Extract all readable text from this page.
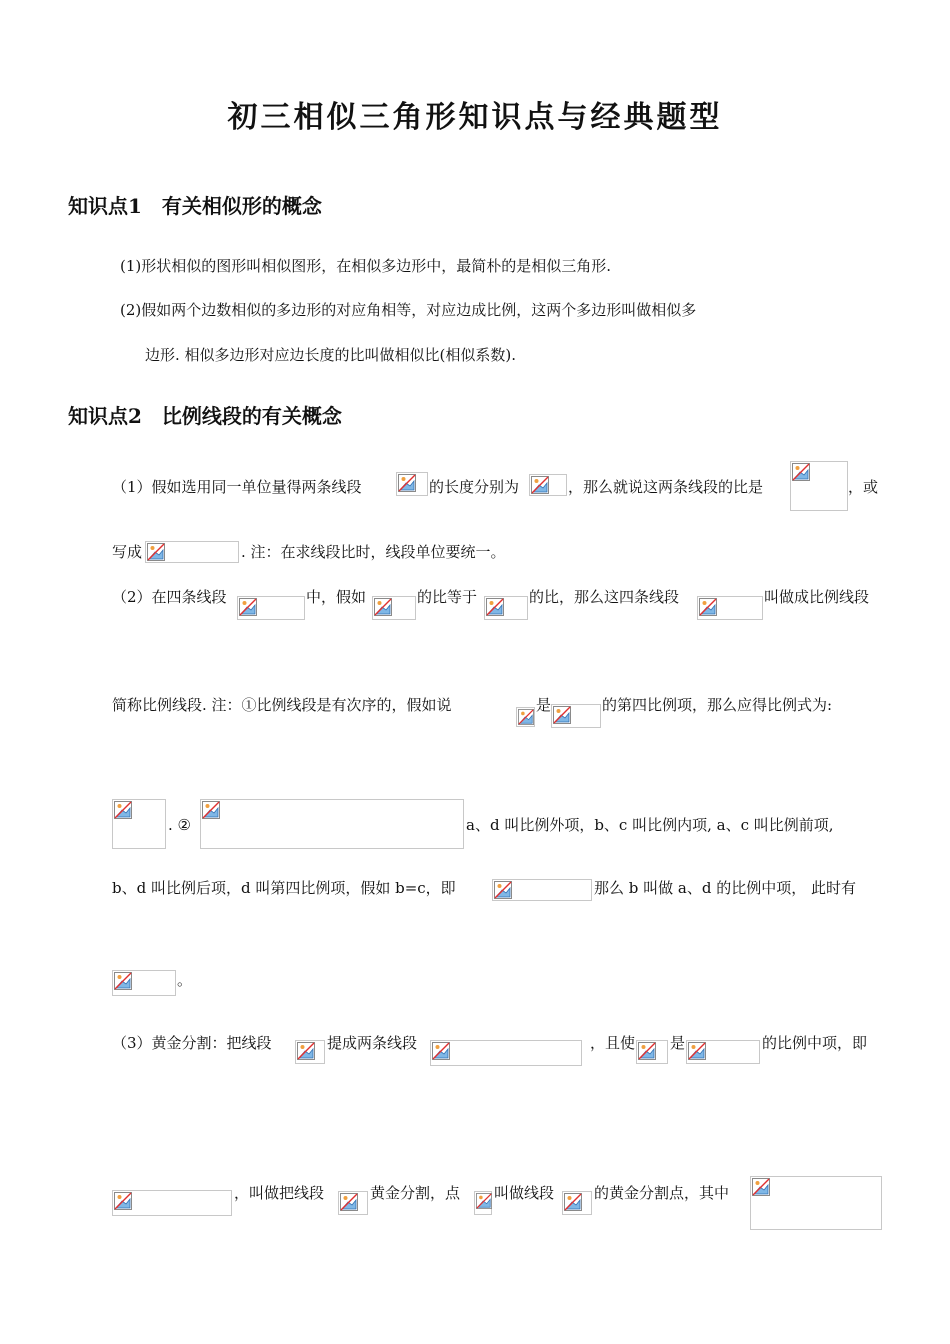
初三相似三角形知识点与经典题型
知识点1　有关相似形的概念
(1)形状相似的图形叫相似图形，在相似多边形中，最简朴的是相似三角形.
(2)假如两个边数相似的多边形的对应角相等，对应边成比例，这两个多边形叫做相似多
边形. 相似多边形对应边长度的比叫做相似比(相似系数).
知识点2　比例线段的有关概念
（1）假如选用同一单位量得两条线段	的长度分别为	，那么就说这两条线段的比是	，或
写成	. 注：在求线段比时，线段单位要统一。
（2）在四条线段	中，假如	的比等于	的比，那么这四条线段	叫做成比例线段
简称比例线段. 注：①比例线段是有次序的，假如说	是	的第四比例项，那么应得比例式为:
. ②	a、d 叫比例外项，b、c 叫比例内项, a、c 叫比例前项,
b、d 叫比例后项，d 叫第四比例项，假如 b=c，即	那么 b 叫做 a、d 的比例中项， 此时有
。
（3）黄金分割：把线段	提成两条线段	，且使 是	的比例中项，即
，叫做把线段	黄金分割，点 叫做线段	的黄金分割点，其中
